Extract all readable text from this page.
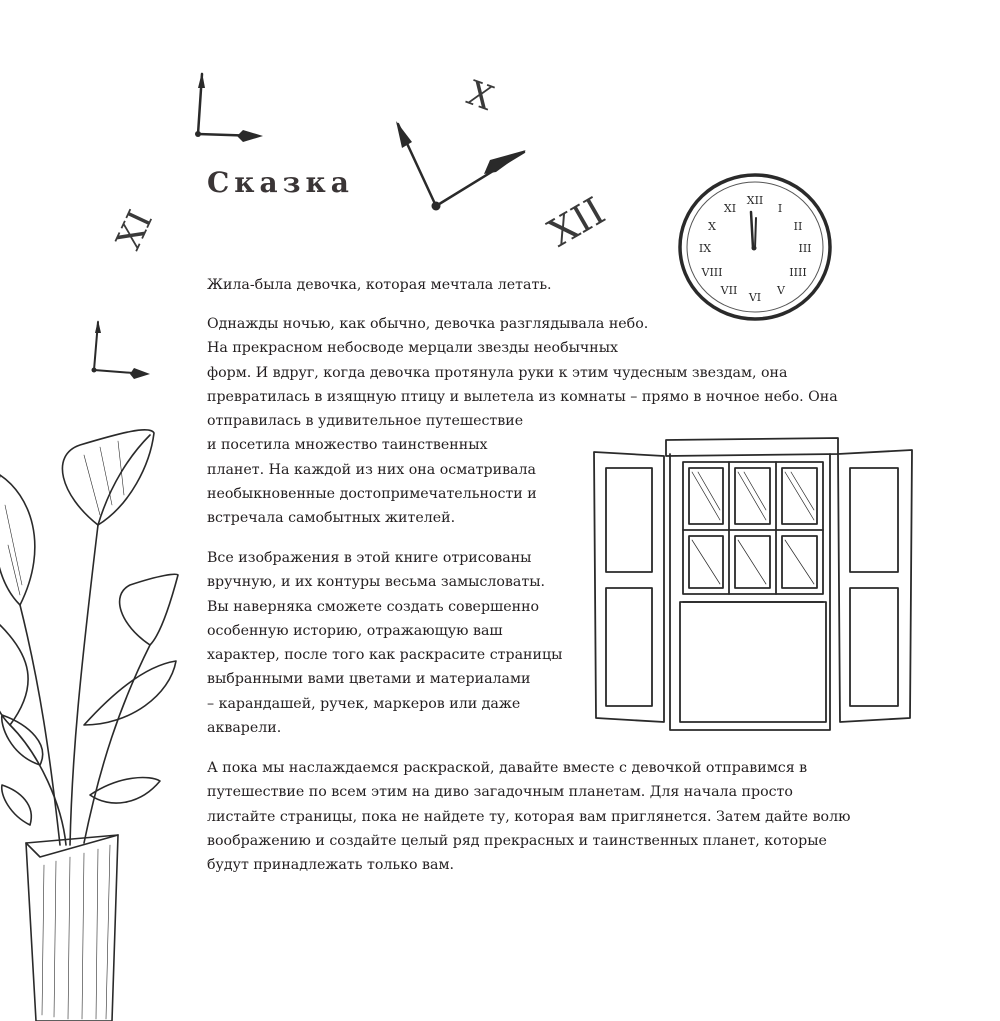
XI
X
XII	XII
I
II
III
IIII
V
VI
VII
VIII
IX
X
XI
Сказка
Жила-была девочка, которая мечтала летать.
Однажды ночью, как обычно, девочка разглядывала небо.
На прекрасном небосводе мерцали звезды необычных
форм. И вдруг, когда девочка протянула руки к этим чудесным звездам, она
превратилась в изящную птицу и вылетела из комнаты – прямо в ночное небо. Она
отправилась в удивительное путешествие
и посетила множество таинственных
планет. На каждой из них она осматривала
необыкновенные достопримечательности и
встречала самобытных жителей.
Все изображения в этой книге отрисованы
вручную, и их контуры весьма замысловаты.
Вы наверняка сможете создать совершенно
особенную историю, отражающую ваш
характер, после того как раскрасите страницы
выбранными вами цветами и материалами
– карандашей, ручек, маркеров или даже
акварели.
А пока мы наслаждаемся раскраской, давайте вместе с девочкой отправимся в
путешествие по всем этим на диво загадочным планетам. Для начала просто
листайте страницы, пока не найдете ту, которая вам приглянется. Затем дайте волю
воображению и создайте целый ряд прекрасных и таинственных планет, которые
будут принадлежать только вам.
